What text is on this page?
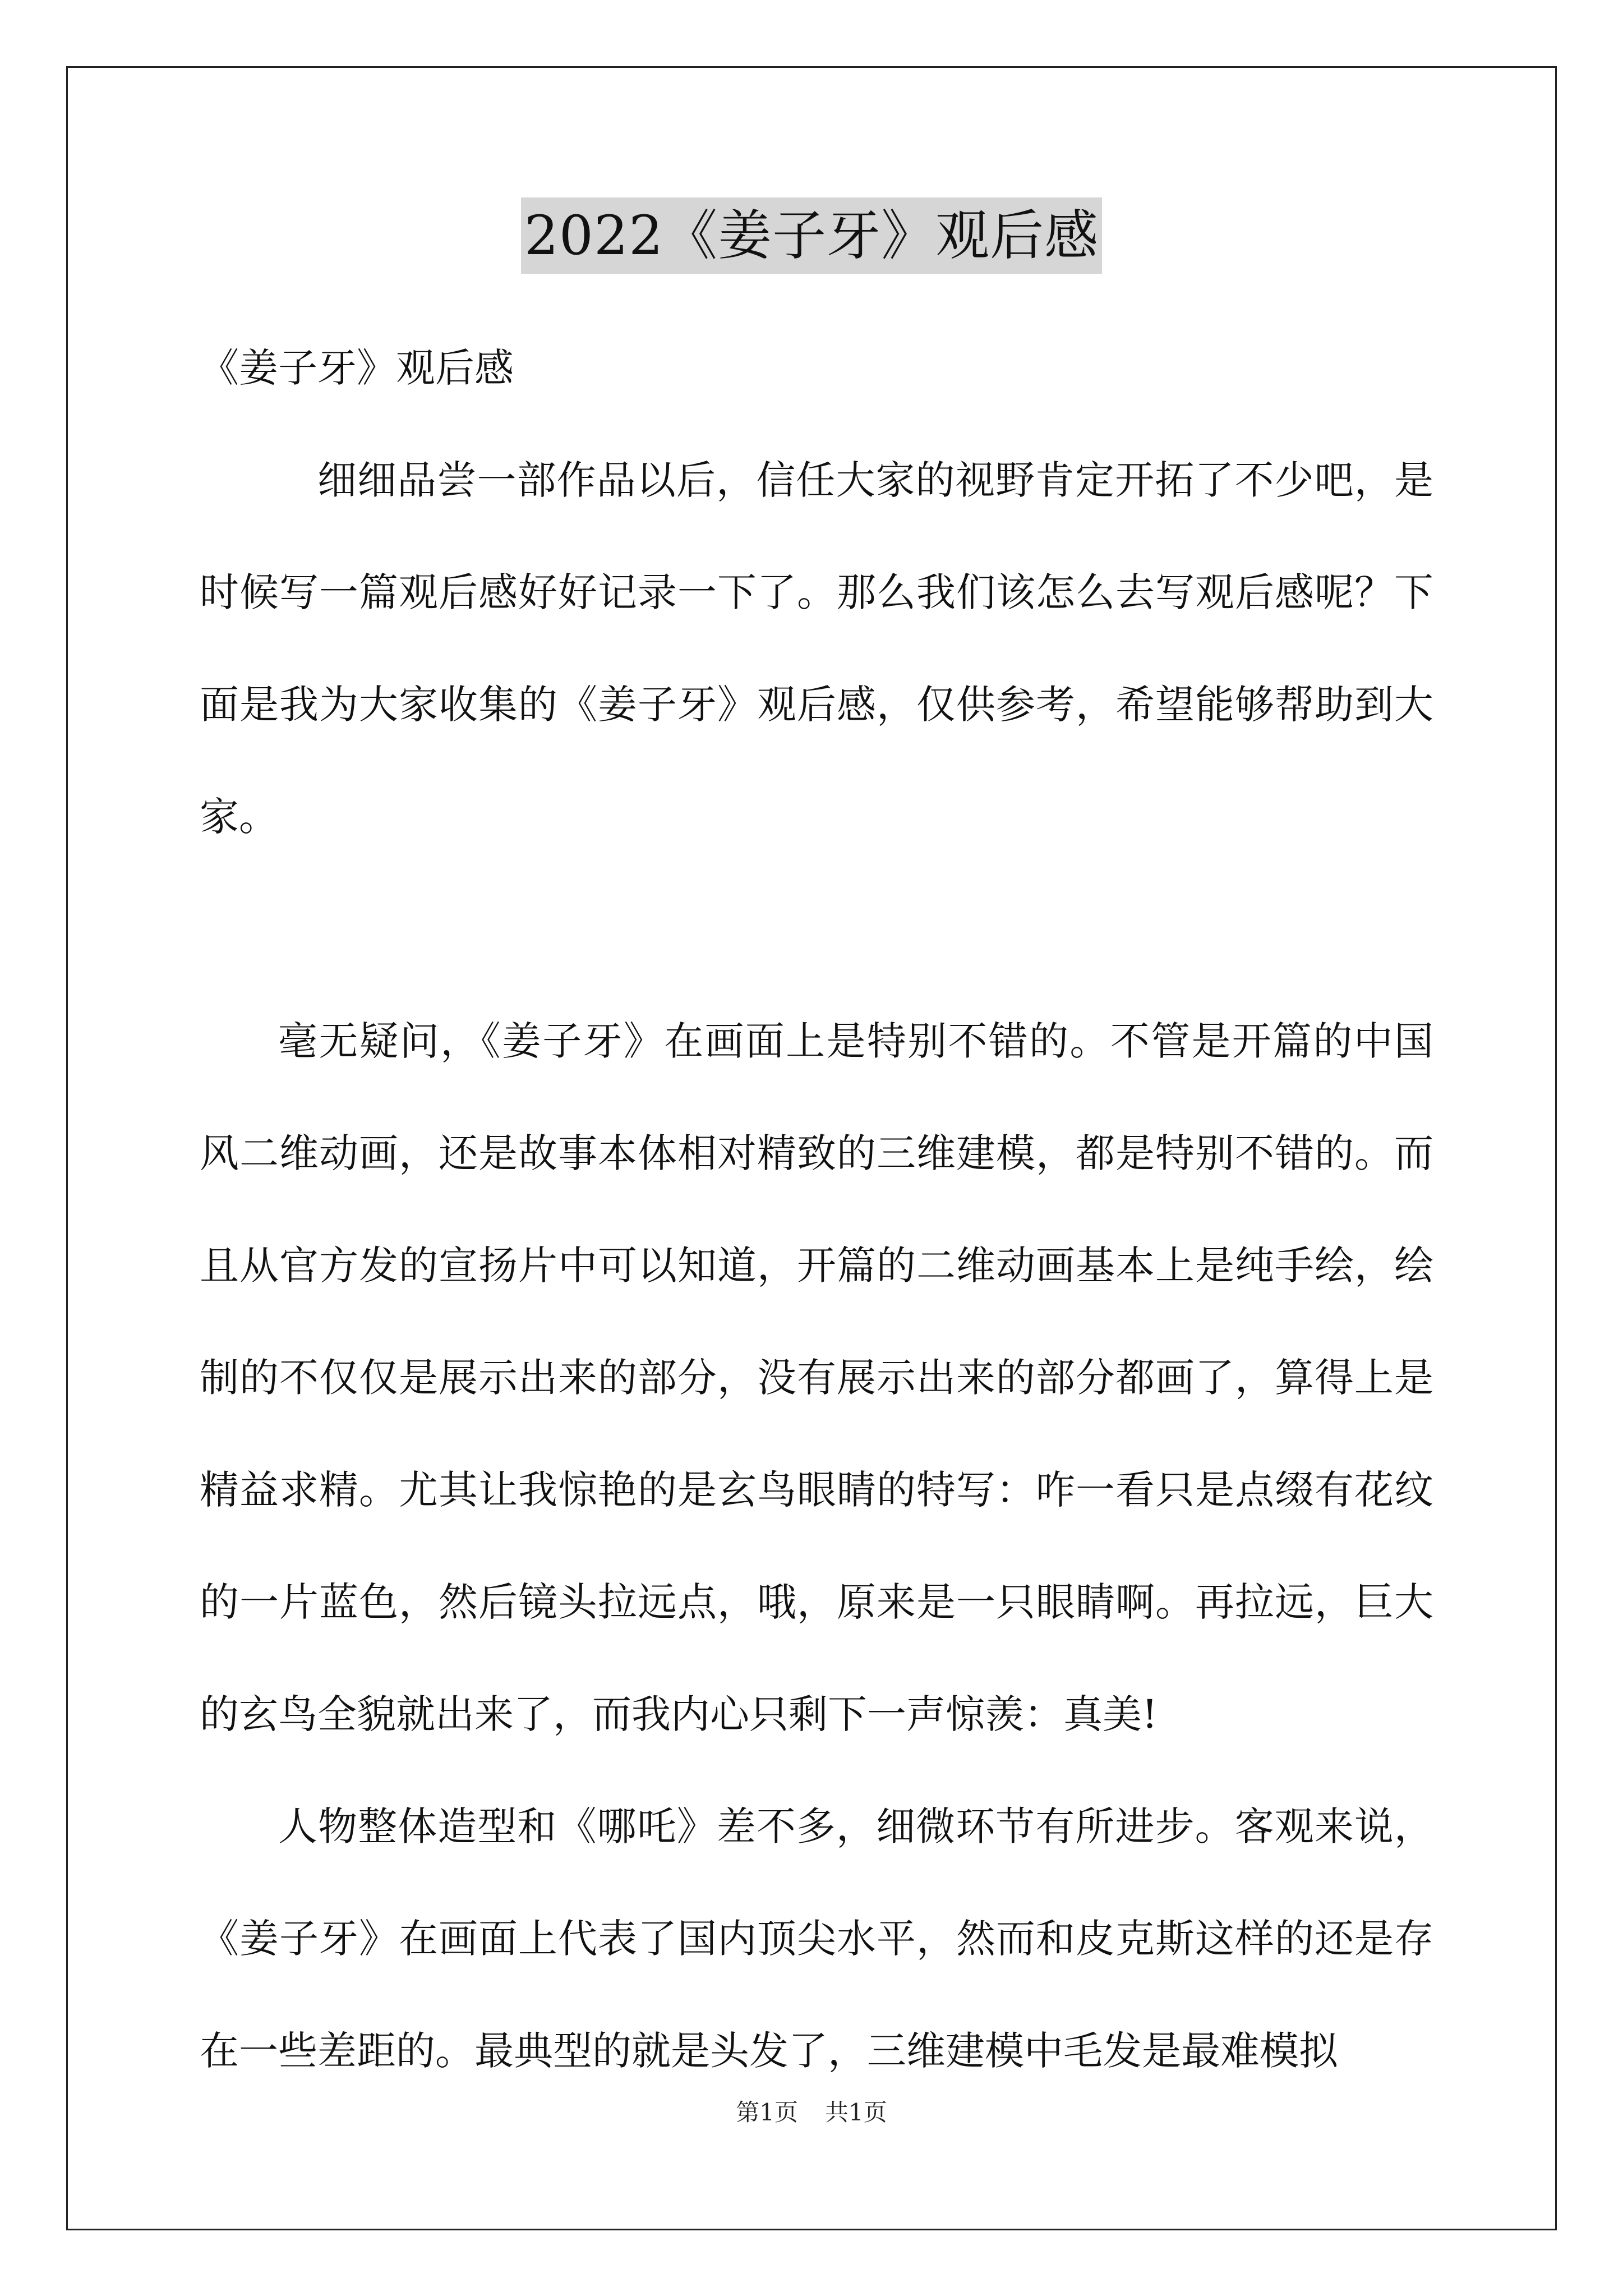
2022《姜子牙》观后感

《姜子牙》观后感

细细品尝一部作品以后，信任大家的视野肯定开拓了不少吧，是时候写一篇观后感好好记录一下了。那么我们该怎么去写观后感呢？下面是我为大家收集的《姜子牙》观后感，仅供参考，希望能够帮助到大家。

毫无疑问，《姜子牙》在画面上是特别不错的。不管是开篇的中国风二维动画，还是故事本体相对精致的三维建模，都是特别不错的。而且从官方发的宣扬片中可以知道，开篇的二维动画基本上是纯手绘，绘制的不仅仅是展示出来的部分，没有展示出来的部分都画了，算得上是精益求精。尤其让我惊艳的是玄鸟眼睛的特写：咋一看只是点缀有花纹的一片蓝色，然后镜头拉远点，哦，原来是一只眼睛啊。再拉远，巨大的玄鸟全貌就出来了，而我内心只剩下一声惊羡：真美!

人物整体造型和《哪吒》差不多，细微环节有所进步。客观来说，《姜子牙》在画面上代表了国内顶尖水平，然而和皮克斯这样的还是存在一些差距的。最典型的就是头发了，三维建模中毛发是最难模拟

第1页 共1页
